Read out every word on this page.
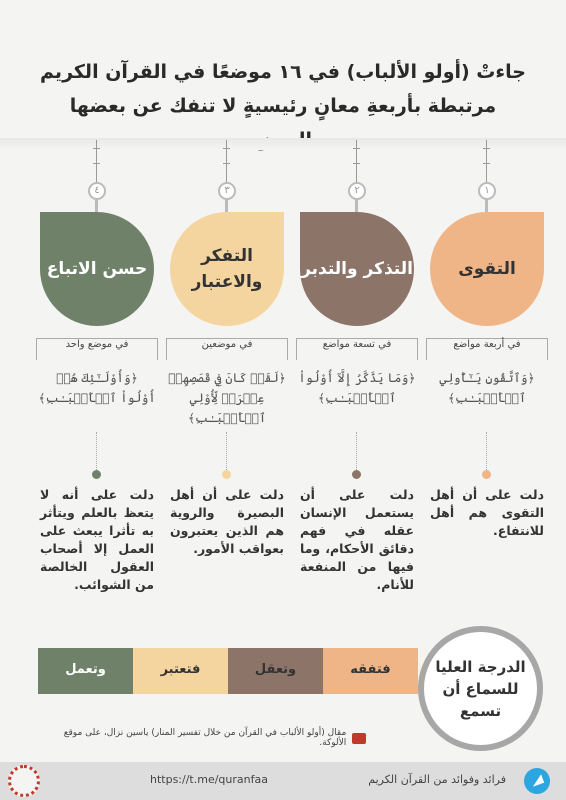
جاءتْ (أولو الألباب) في ١٦ موضعًا في القرآن الكريم
مرتبطة بأربعةِ معانٍ رئيسيةٍ لا تنفك عن بعضها
١
التقوى
في أربعة مواضع
﴿وَٱتَّقُونِ يَـٰٓأُولِي ٱلۡأَلۡبَـٰبِ﴾
دلت على أن أهل التقوى هم أهل للانتفاع.
٢
التذكر والتدبر
في تسعة مواضع
﴿وَمَا يَذَّكَّرُ إِلَّآ أُوْلُواْ ٱلۡأَلۡبَـٰبِ﴾
دلت على أن يستعمل الإنسان عقله في فهم دقائق الأحكام، وما فيها من المنفعة للأنام.
٣
التفكر والاعتبار
في موضعين
﴿لَقَدۡ كَانَ فِي قَصَصِهِمۡ عِبۡرَةٞ لِّأُوْلِي ٱلۡأَلۡبَـٰبِ﴾
دلت على أن أهل البصيرة والروية هم الذين يعتبرون بعواقب الأمور.
٤
حسن الاتباع
في موضع واحد
﴿وَأُوْلَـٰٓئِكَ هُمۡ أُوْلُواْ ٱلۡأَلۡبَـٰبِ﴾
دلت على أنه لا يتعظ بالعلم ويتأثر به تأثرا يبعث على العمل إلا أصحاب العقول الخالصة من الشوائب.
فتفقه
وتعقل
فتعتبر
وتعمل	الدرجة العليا للسماع أن تسمع
مقال (أولو الألباب في القرآن من خلال تفسير المنار) ياسين نزال، على موقع الألوكة.
فرائد وفوائد من القرآن الكريم
https://t.me/quranfaa
